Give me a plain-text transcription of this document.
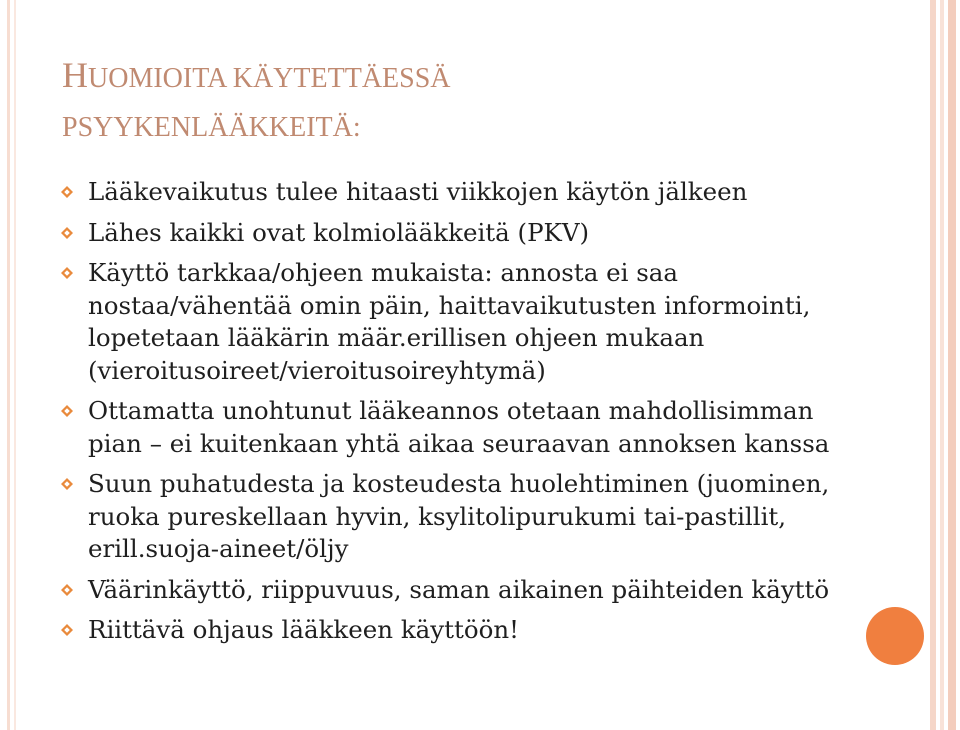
HUOMIOITA KÄYTETTÄESSÄ
PSYYKENLÄÄKKEITÄ:
Lääkevaikutus tulee hitaasti viikkojen käytön jälkeen
Lähes kaikki ovat kolmiolääkkeitä (PKV)
Käyttö tarkkaa/ohjeen mukaista: annosta ei saa nostaa/vähentää omin päin, haittavaikutusten informointi, lopetetaan lääkärin määr.erillisen ohjeen mukaan (vieroitusoireet/vieroitusoireyhtymä)
Ottamatta unohtunut lääkeannos otetaan mahdollisimman pian – ei kuitenkaan yhtä aikaa seuraavan annoksen kanssa
Suun puhatudesta ja kosteudesta huolehtiminen (juominen, ruoka pureskellaan hyvin, ksylitolipurukumi tai-pastillit, erill.suoja-aineet/öljy
Väärinkäyttö, riippuvuus, saman aikainen päihteiden käyttö
Riittävä ohjaus lääkkeen käyttöön!
